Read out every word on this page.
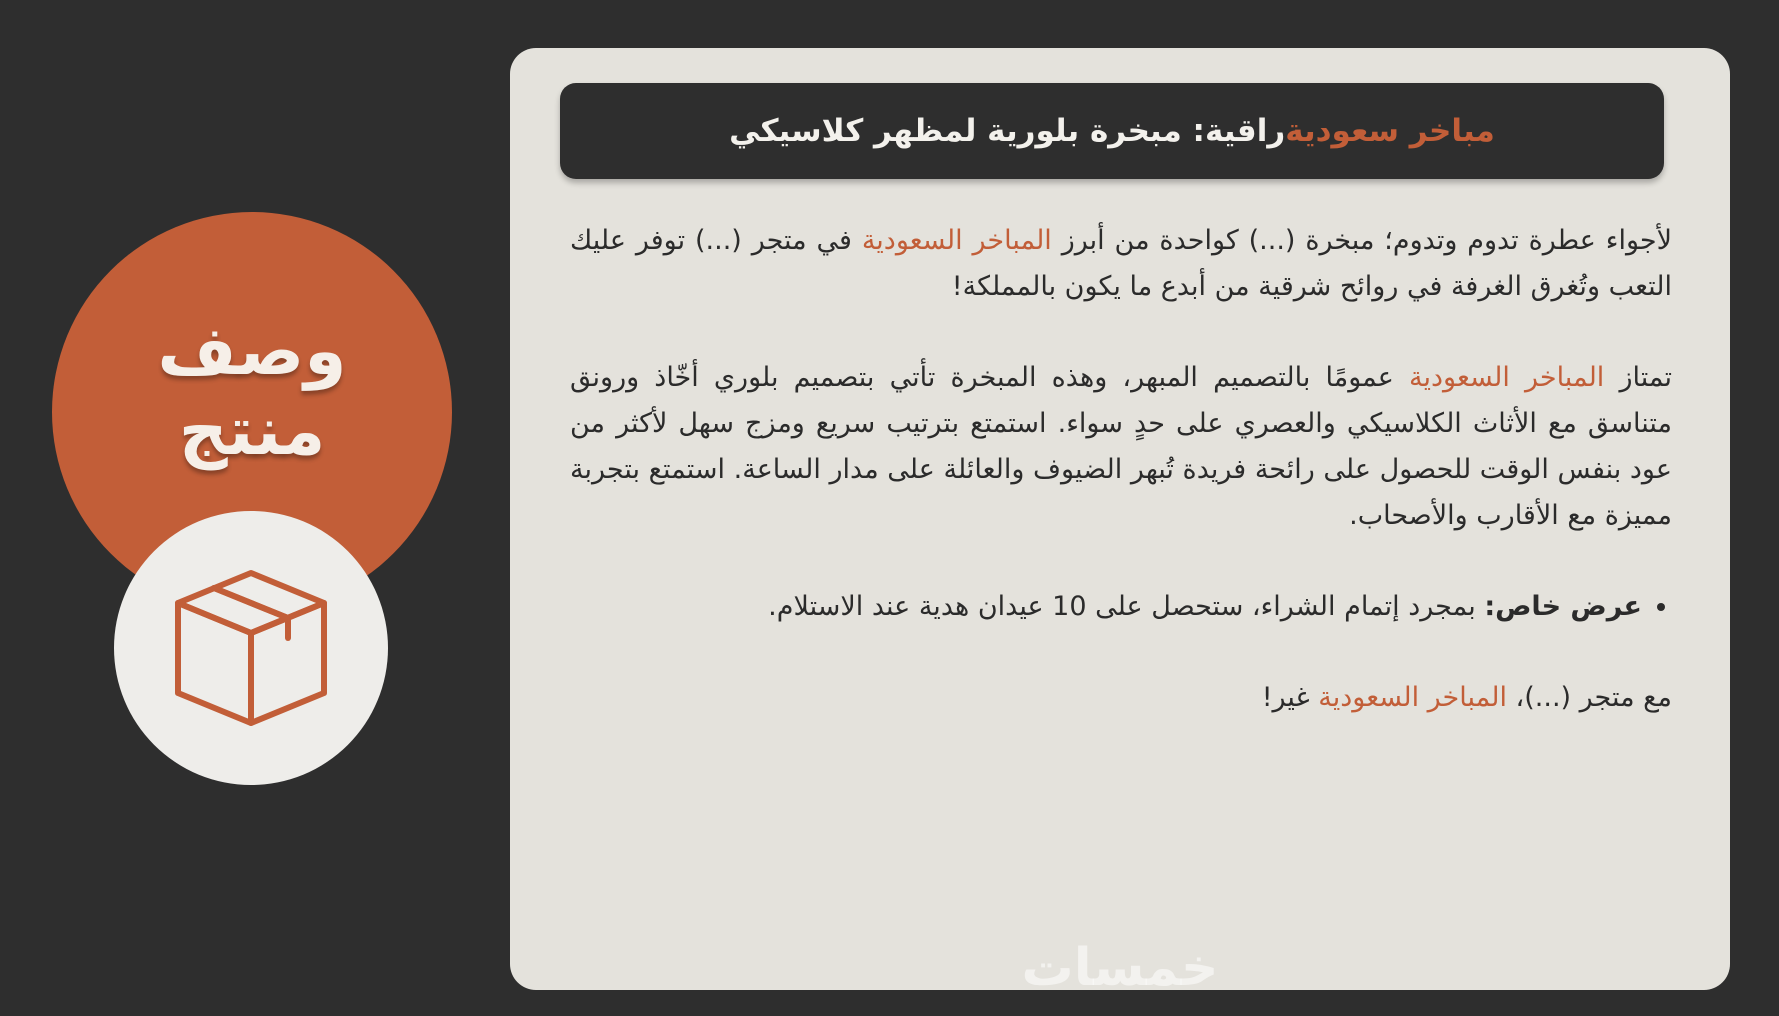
مباخر سعودية
راقية: مبخرة بلورية لمظهر كلاسيكي

لأجواء عطرة تدوم وتدوم؛ مبخرة (...) كواحدة من أبرز المباخر السعودية في متجر (...) توفر عليك التعب وتُغرق الغرفة في روائح شرقية من أبدع ما يكون بالمملكة!

تمتاز المباخر السعودية عمومًا بالتصميم المبهر، وهذه المبخرة تأتي بتصميم بلوري أخّاذ ورونق متناسق مع الأثاث الكلاسيكي والعصري على حدٍ سواء. استمتع بترتيب سريع ومزج سهل لأكثر من عود بنفس الوقت للحصول على رائحة فريدة تُبهر الضيوف والعائلة على مدار الساعة. استمتع بتجربة مميزة مع الأقارب والأصحاب.

• عرض خاص: بمجرد إتمام الشراء، ستحصل على 10 عيدان هدية عند الاستلام.

مع متجر (...)، المباخر السعودية غير!

خمسات
وصف
منتج
